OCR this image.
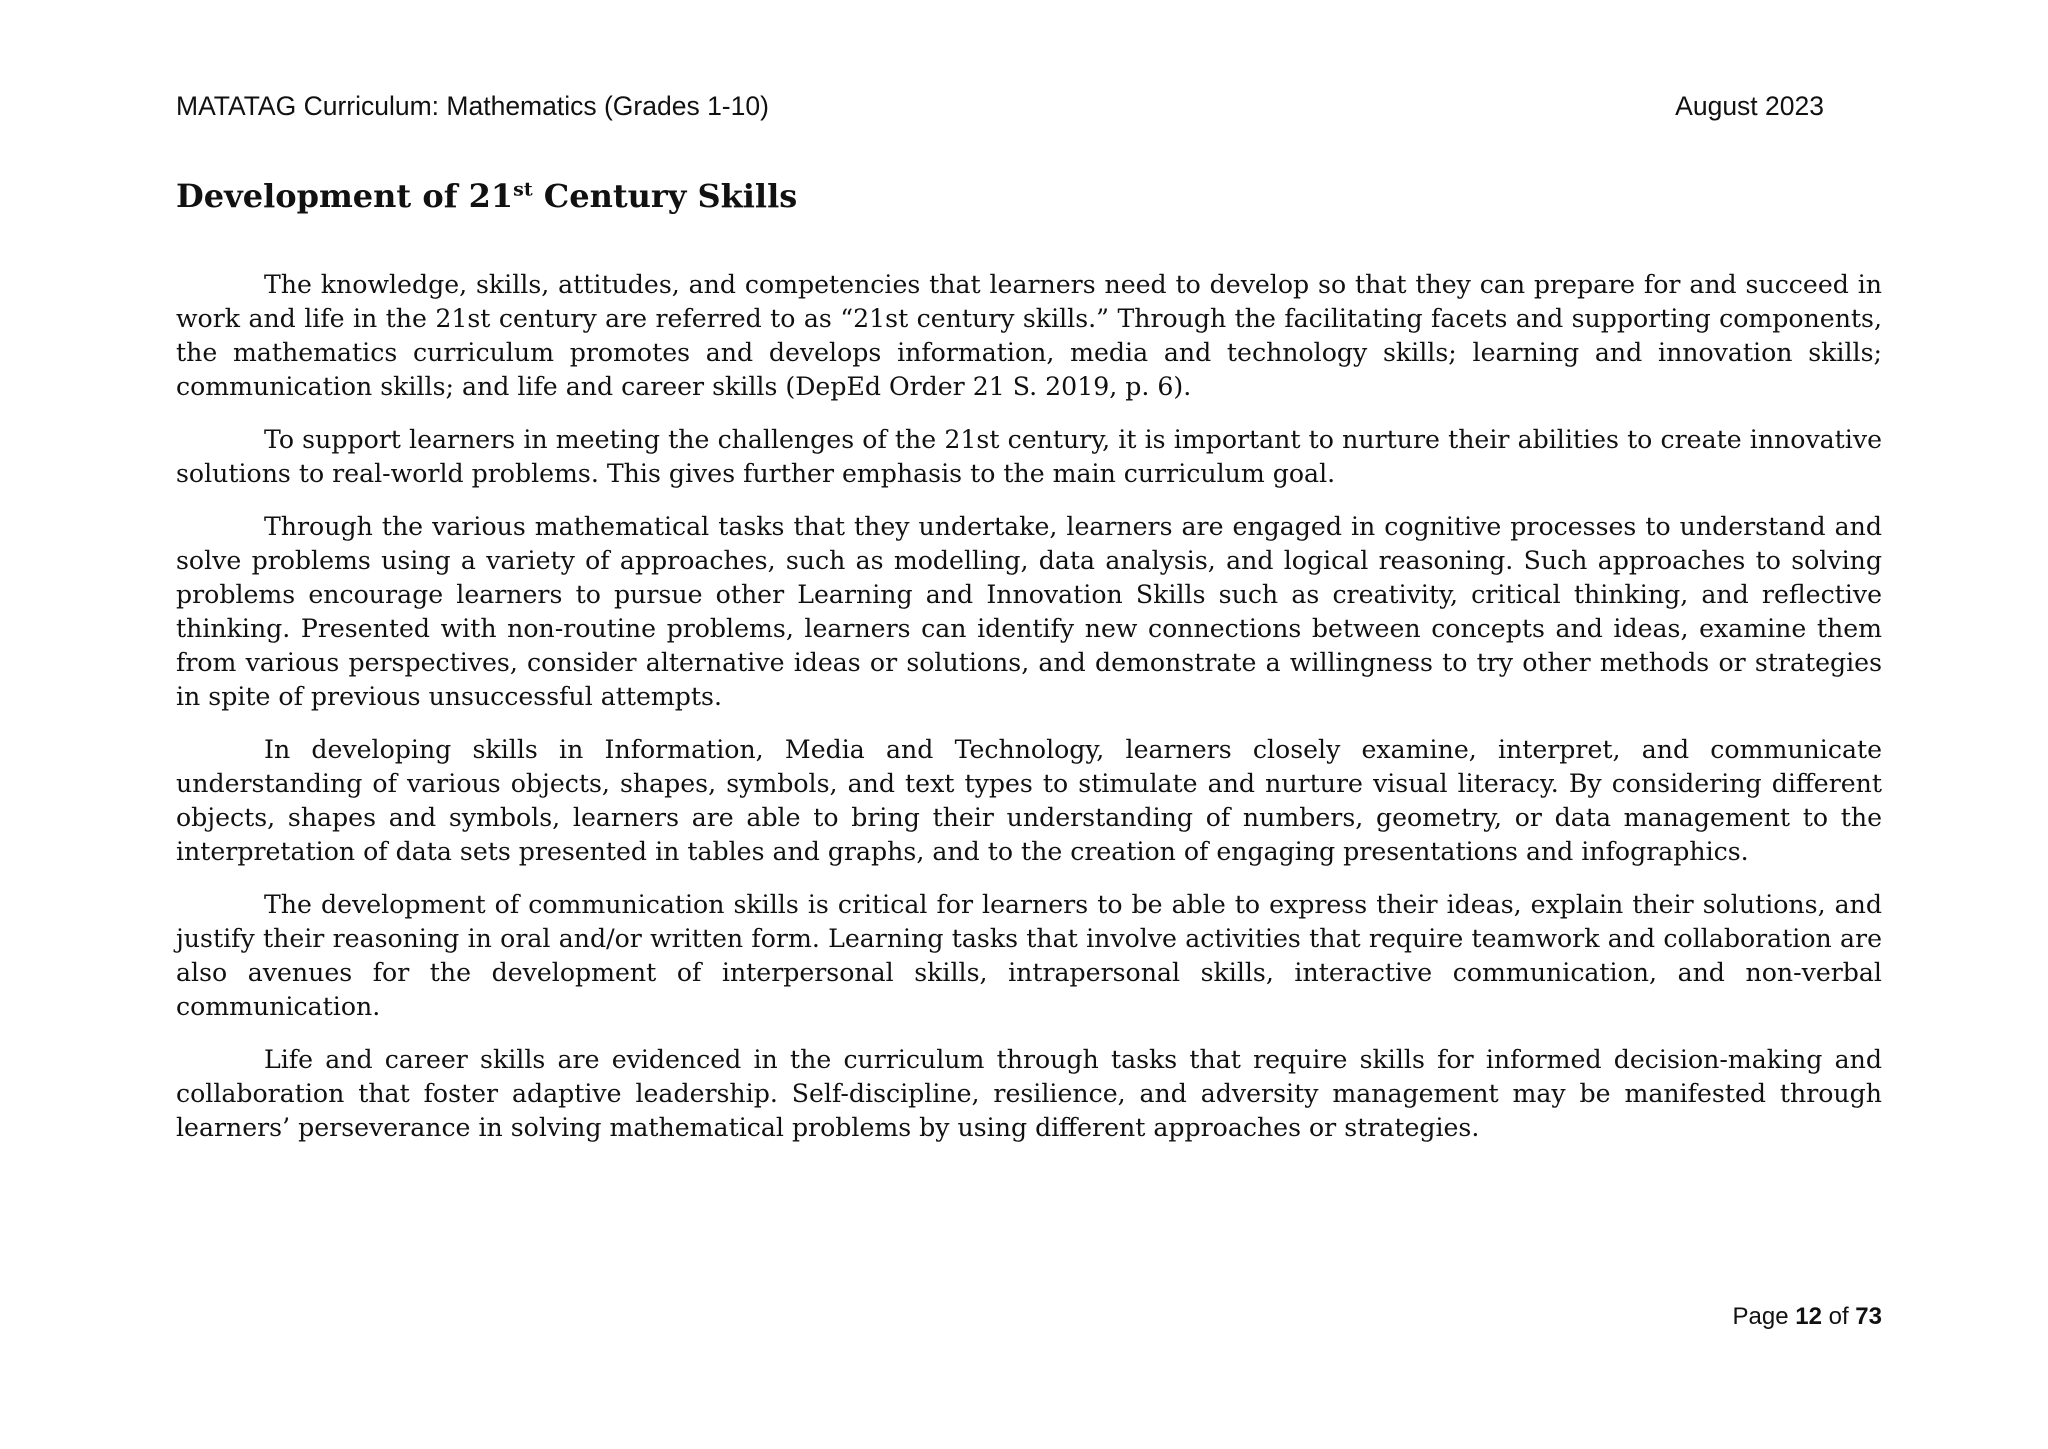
MATATAG Curriculum: Mathematics (Grades 1-10)	August 2023
Development of 21st Century Skills

The knowledge, skills, attitudes, and competencies that learners need to develop so that they can prepare for and succeed in work and life in the 21st century are referred to as “21st century skills.” Through the facilitating facets and supporting components, the mathematics curriculum promotes and develops information, media and technology skills; learning and innovation skills; communication skills; and life and career skills (DepEd Order 21 S. 2019, p. 6).

To support learners in meeting the challenges of the 21st century, it is important to nurture their abilities to create innovative solutions to real-world problems. This gives further emphasis to the main curriculum goal.

Through the various mathematical tasks that they undertake, learners are engaged in cognitive processes to understand and solve problems using a variety of approaches, such as modelling, data analysis, and logical reasoning. Such approaches to solving problems encourage learners to pursue other Learning and Innovation Skills such as creativity, critical thinking, and reflective thinking. Presented with non-routine problems, learners can identify new connections between concepts and ideas, examine them from various perspectives, consider alternative ideas or solutions, and demonstrate a willingness to try other methods or strategies in spite of previous unsuccessful attempts.

In developing skills in Information, Media and Technology, learners closely examine, interpret, and communicate understanding of various objects, shapes, symbols, and text types to stimulate and nurture visual literacy. By considering different objects, shapes and symbols, learners are able to bring their understanding of numbers, geometry, or data management to the interpretation of data sets presented in tables and graphs, and to the creation of engaging presentations and infographics.

The development of communication skills is critical for learners to be able to express their ideas, explain their solutions, and justify their reasoning in oral and/or written form. Learning tasks that involve activities that require teamwork and collaboration are also avenues for the development of interpersonal skills, intrapersonal skills, interactive communication, and non-verbal communication.

Life and career skills are evidenced in the curriculum through tasks that require skills for informed decision-making and collaboration that foster adaptive leadership. Self-discipline, resilience, and adversity management may be manifested through learners’ perseverance in solving mathematical problems by using different approaches or strategies.

Page 12 of 73
